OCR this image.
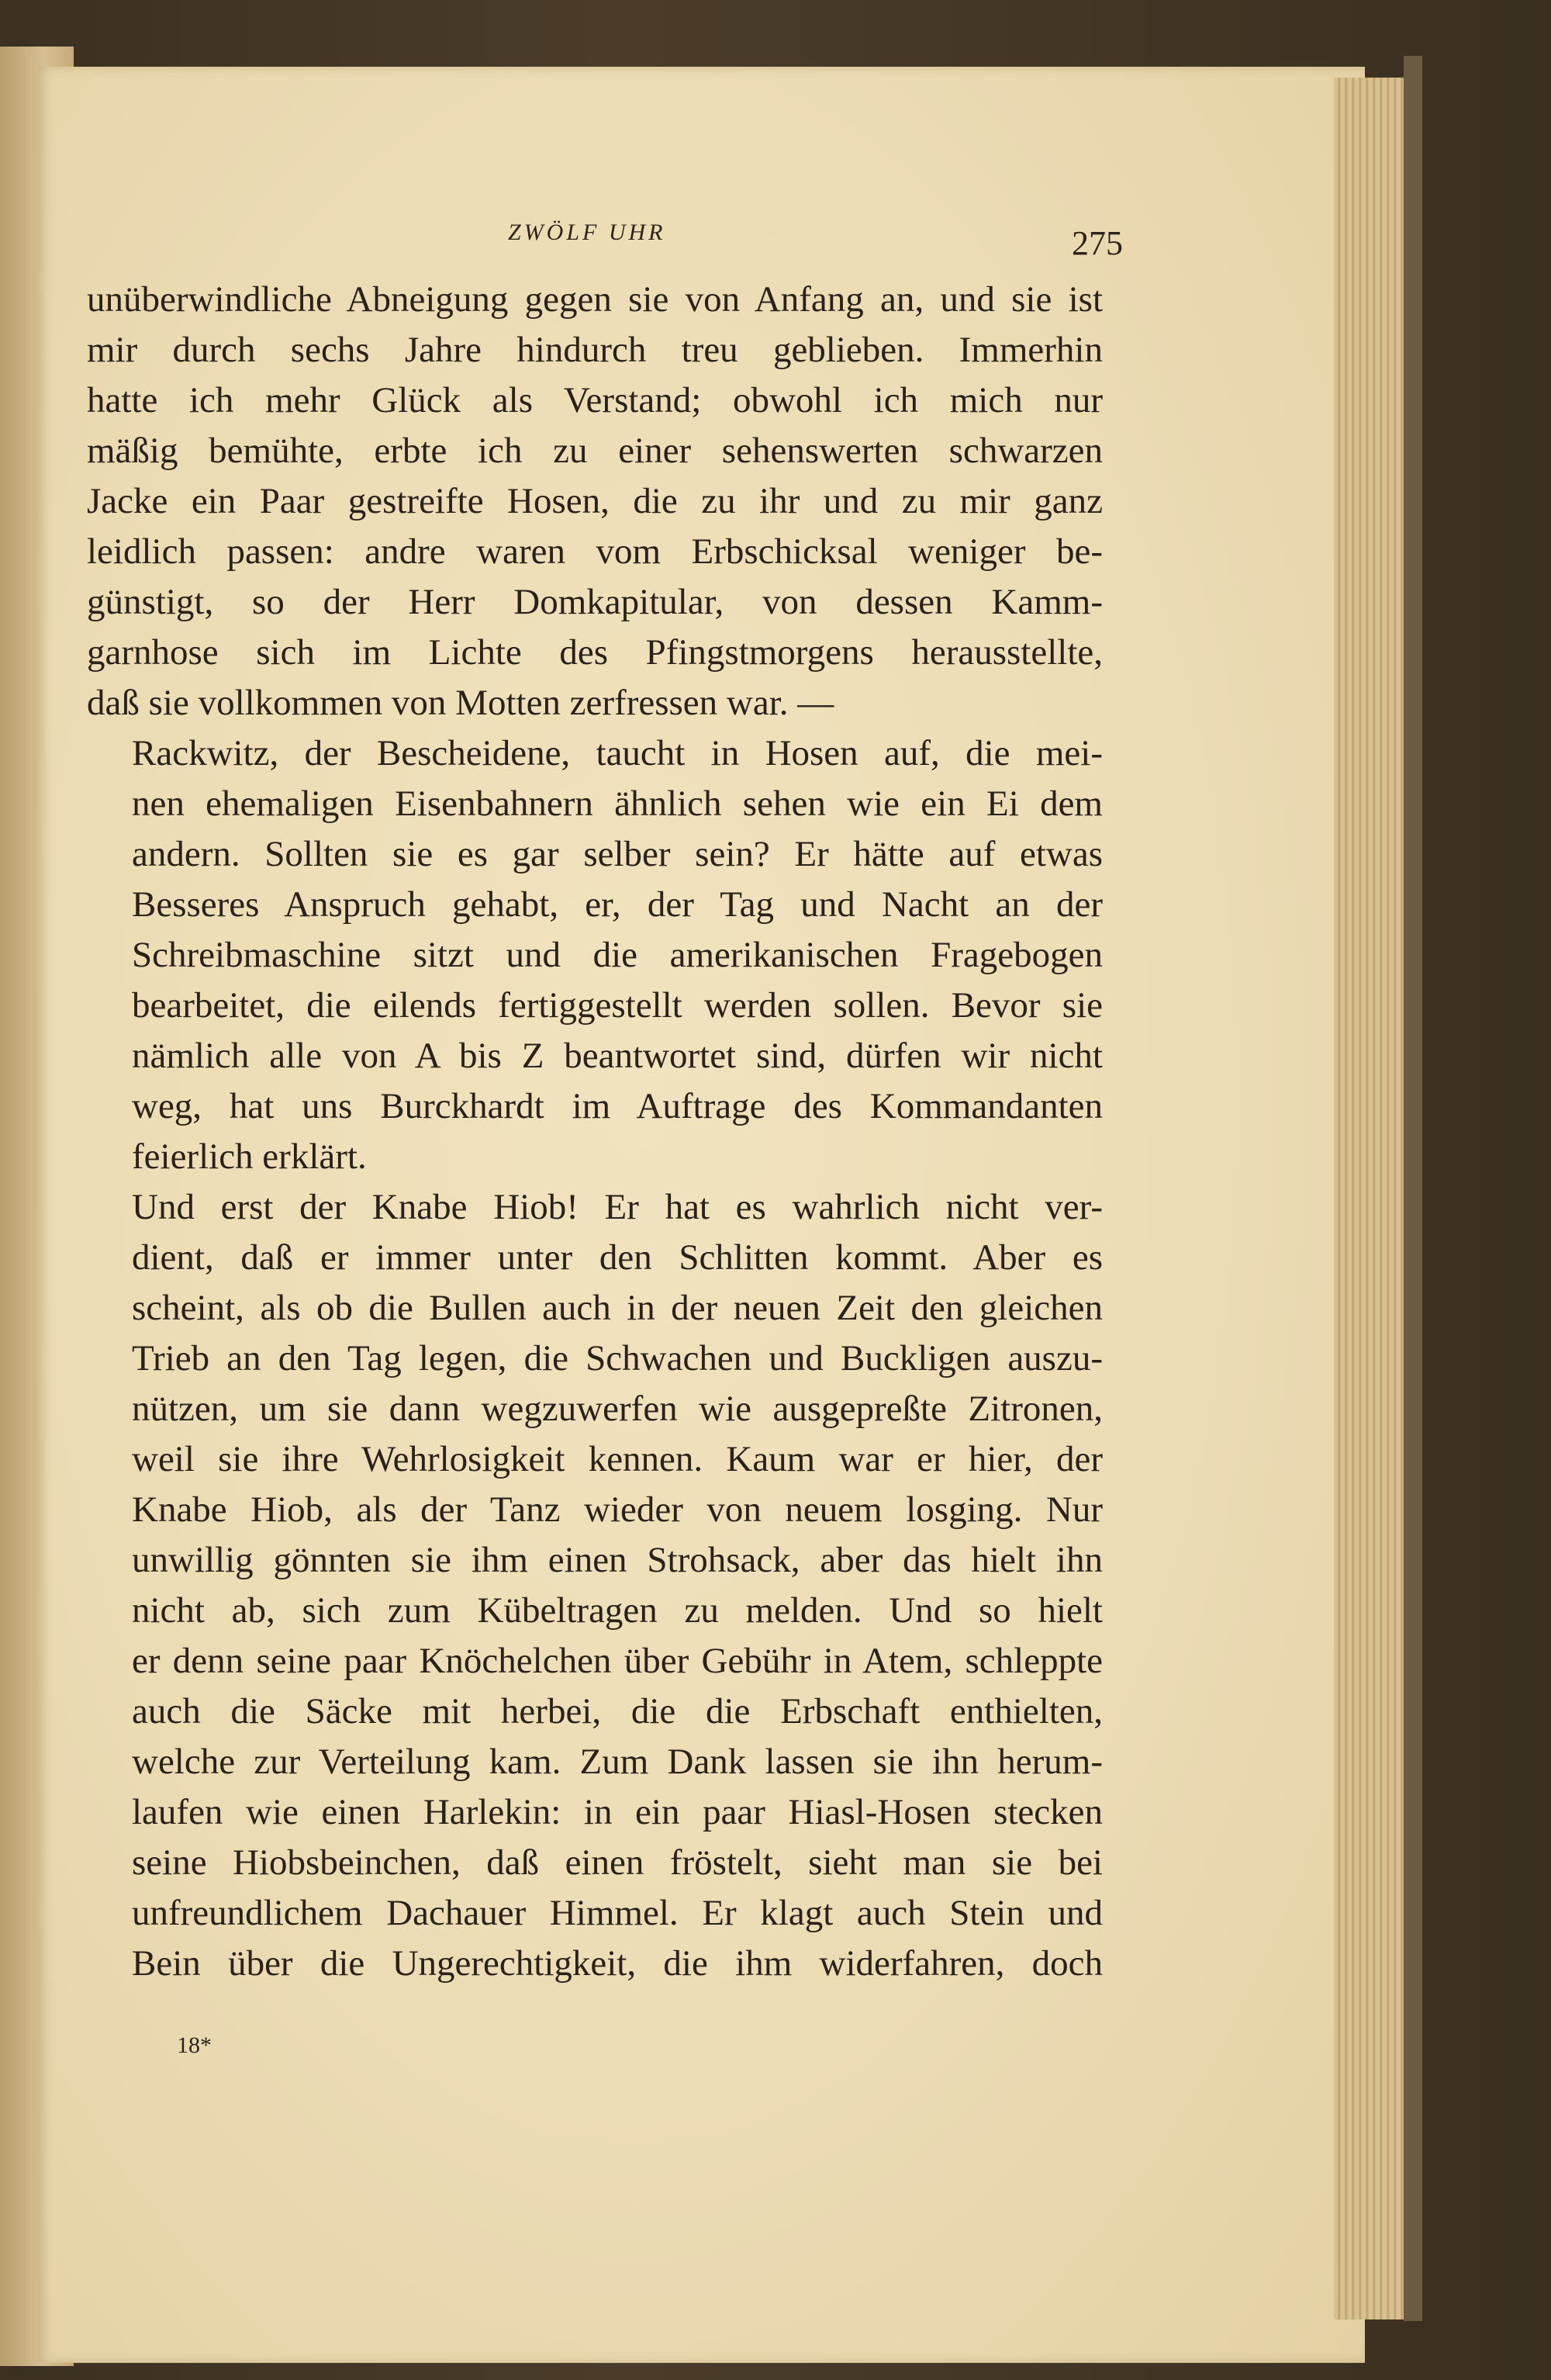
ZWÖLF UHR	275

unüberwindliche Abneigung gegen sie von Anfang an, und sie ist
mir durch sechs Jahre hindurch treu geblieben. Immerhin
hatte ich mehr Glück als Verstand; obwohl ich mich nur
mäßig bemühte, erbte ich zu einer sehenswerten schwarzen
Jacke ein Paar gestreifte Hosen, die zu ihr und zu mir ganz
leidlich passen: andre waren vom Erbschicksal weniger be-
günstigt, so der Herr Domkapitular, von dessen Kamm-
garnhose sich im Lichte des Pfingstmorgens herausstellte,
daß sie vollkommen von Motten zerfressen war. —

Rackwitz, der Bescheidene, taucht in Hosen auf, die mei-
nen ehemaligen Eisenbahnern ähnlich sehen wie ein Ei dem
andern. Sollten sie es gar selber sein? Er hätte auf etwas
Besseres Anspruch gehabt, er, der Tag und Nacht an der
Schreibmaschine sitzt und die amerikanischen Fragebogen
bearbeitet, die eilends fertiggestellt werden sollen. Bevor sie
nämlich alle von A bis Z beantwortet sind, dürfen wir nicht
weg, hat uns Burckhardt im Auftrage des Kommandanten
feierlich erklärt.

Und erst der Knabe Hiob! Er hat es wahrlich nicht ver-
dient, daß er immer unter den Schlitten kommt. Aber es
scheint, als ob die Bullen auch in der neuen Zeit den gleichen
Trieb an den Tag legen, die Schwachen und Buckligen auszu-
nützen, um sie dann wegzuwerfen wie ausgepreßte Zitronen,
weil sie ihre Wehrlosigkeit kennen. Kaum war er hier, der
Knabe Hiob, als der Tanz wieder von neuem losging. Nur
unwillig gönnten sie ihm einen Strohsack, aber das hielt ihn
nicht ab, sich zum Kübeltragen zu melden. Und so hielt
er denn seine paar Knöchelchen über Gebühr in Atem, schleppte
auch die Säcke mit herbei, die die Erbschaft enthielten,
welche zur Verteilung kam. Zum Dank lassen sie ihn herum-
laufen wie einen Harlekin: in ein paar Hiasl-Hosen stecken
seine Hiobsbeinchen, daß einen fröstelt, sieht man sie bei
unfreundlichem Dachauer Himmel. Er klagt auch Stein und
Bein über die Ungerechtigkeit, die ihm widerfahren, doch

18*
